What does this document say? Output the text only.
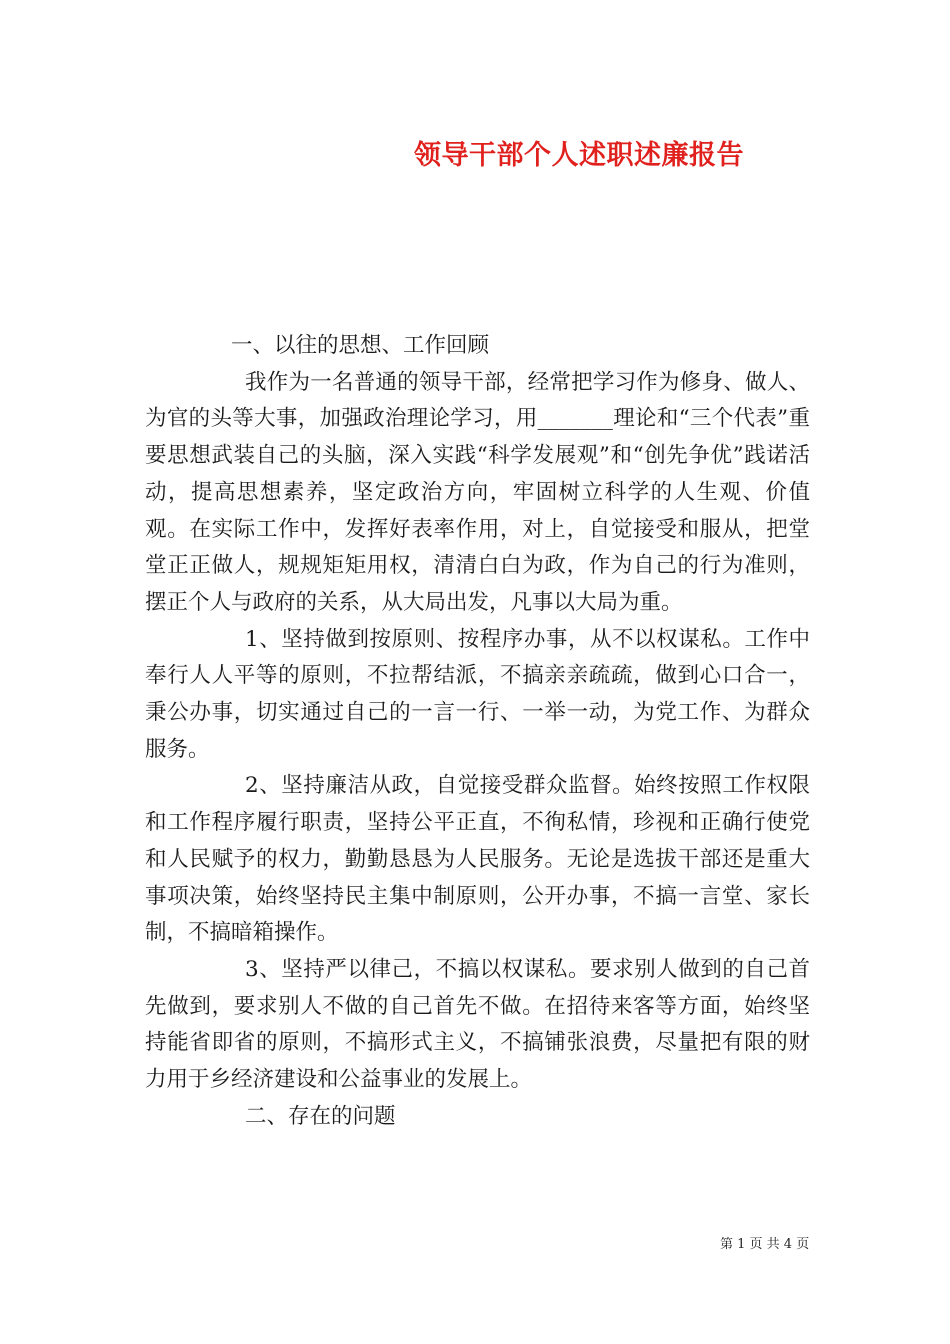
领导干部个人述职述廉报告

一、以往的思想、工作回顾

我作为一名普通的领导干部，经常把学习作为修身、做人、为官的头等大事，加强政治理论学习，用_______理论和“三个代表”重要思想武装自己的头脑，深入实践“科学发展观”和“创先争优”践诺活动，提高思想素养，坚定政治方向，牢固树立科学的人生观、价值观。在实际工作中，发挥好表率作用，对上，自觉接受和服从，把堂堂正正做人，规规矩矩用权，清清白白为政，作为自己的行为准则，摆正个人与政府的关系，从大局出发，凡事以大局为重。

1、坚持做到按原则、按程序办事，从不以权谋私。工作中奉行人人平等的原则，不拉帮结派，不搞亲亲疏疏，做到心口合一，秉公办事，切实通过自己的一言一行、一举一动，为党工作、为群众服务。

2、坚持廉洁从政，自觉接受群众监督。始终按照工作权限和工作程序履行职责，坚持公平正直，不徇私情，珍视和正确行使党和人民赋予的权力，勤勤恳恳为人民服务。无论是选拔干部还是重大事项决策，始终坚持民主集中制原则，公开办事，不搞一言堂、家长制，不搞暗箱操作。

3、坚持严以律己，不搞以权谋私。要求别人做到的自己首先做到，要求别人不做的自己首先不做。在招待来客等方面，始终坚持能省即省的原则，不搞形式主义，不搞铺张浪费，尽量把有限的财力用于乡经济建设和公益事业的发展上。

二、存在的问题

第 1 页 共 4 页
